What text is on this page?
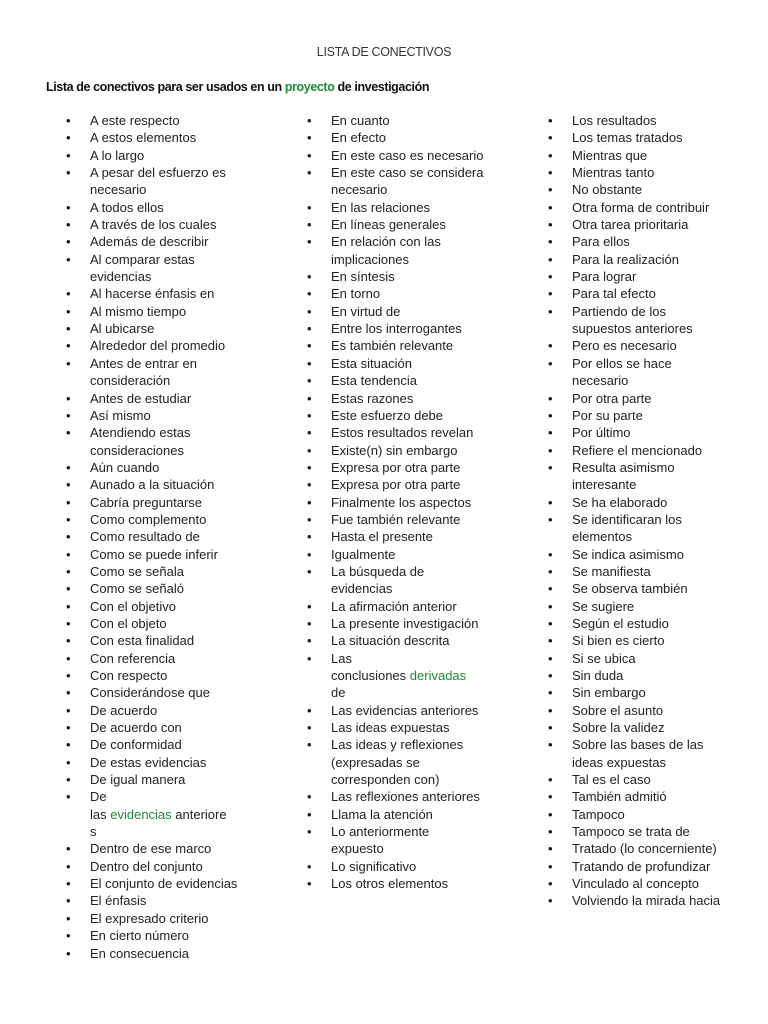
LISTA DE CONECTIVOS
Lista de conectivos para ser usados en un proyecto de investigación
• A este respecto
• A estos elementos
• A lo largo
• A pesar del esfuerzo es necesario
• A todos ellos
• A través de los cuales
• Además de describir
• Al comparar estas evidencias
• Al hacerse énfasis en
• Al mismo tiempo
• Al ubicarse
• Alrededor del promedio
• Antes de entrar en consideración
• Antes de estudiar
• Así mismo
• Atendiendo estas consideraciones
• Aún cuando
• Aunado a la situación
• Cabría preguntarse
• Como complemento
• Como resultado de
• Como se puede inferir
• Como se señala
• Como se señaló
• Con el objetivo
• Con el objeto
• Con esta finalidad
• Con referencia
• Con respecto
• Considerándose que
• De acuerdo
• De acuerdo con
• De conformidad
• De estas evidencias
• De igual manera
• De
las evidencias anteriore
s
• Dentro de ese marco
• Dentro del conjunto
• El conjunto de evidencias
• El énfasis
• El expresado criterio
• En cierto número
• En consecuencia
• En cuanto
• En efecto
• En este caso es necesario
• En este caso se considera necesario
• En las relaciones
• En líneas generales
• En relación con las implicaciones
• En síntesis
• En torno
• En virtud de
• Entre los interrogantes
• Es también relevante
• Esta situación
• Esta tendencia
• Estas razones
• Este esfuerzo debe
• Estos resultados revelan
• Existe(n) sin embargo
• Expresa por otra parte
• Expresa por otra parte
• Finalmente los aspectos
• Fue también relevante
• Hasta el presente
• Igualmente
• La búsqueda de evidencias
• La afirmación anterior
• La presente investigación
• La situación descrita
• Las
conclusiones derivadas
de
• Las evidencias anteriores
• Las ideas expuestas
• Las ideas y reflexiones (expresadas se corresponden con)
• Las reflexiones anteriores
• Llama la atención
• Lo anteriormente expuesto
• Lo significativo
• Los otros elementos
• Los resultados
• Los temas tratados
• Mientras que
• Mientras tanto
• No obstante
• Otra forma de contribuir
• Otra tarea prioritaria
• Para ellos
• Para la realización
• Para lograr
• Para tal efecto
• Partiendo de los supuestos anteriores
• Pero es necesario
• Por ellos se hace necesario
• Por otra parte
• Por su parte
• Por último
• Refiere el mencionado
• Resulta asimismo interesante
• Se ha elaborado
• Se identificaran los elementos
• Se indica asimismo
• Se manifiesta
• Se observa también
• Se sugiere
• Según el estudio
• Si bien es cierto
• Si se ubica
• Sin duda
• Sin embargo
• Sobre el asunto
• Sobre la validez
• Sobre las bases de las ideas expuestas
• Tal es el caso
• También admitió
• Tampoco
• Tampoco se trata de
• Tratado (lo concerniente)
• Tratando de profundizar
• Vinculado al concepto
• Volviendo la mirada hacia
